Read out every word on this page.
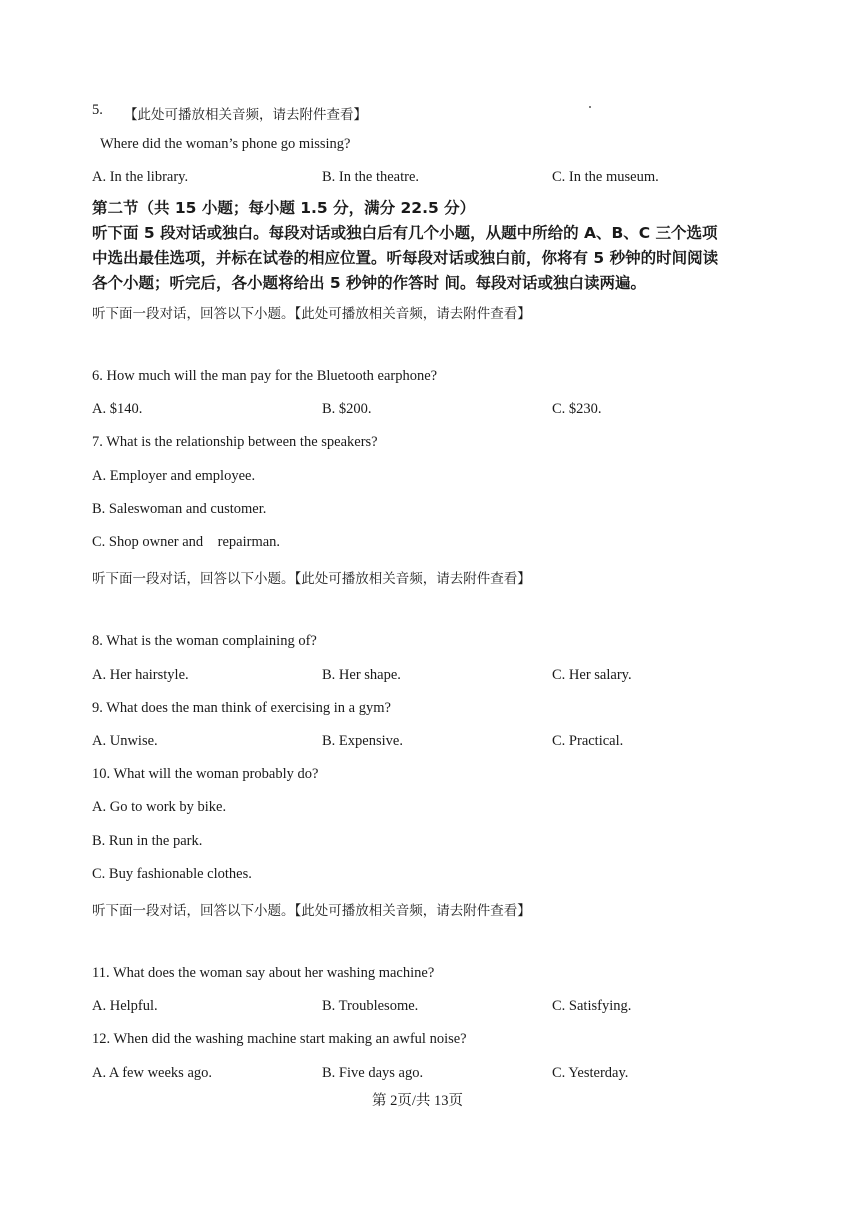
5. 【此处可播放相关音频，请去附件查看】
Where did the woman’s phone go missing?
A. In the library.	B. In the theatre.	C. In the museum.
第二节（共 15 小题；每小题 1.5 分，满分 22.5 分）
听下面 5 段对话或独白。每段对话或独白后有几个小题，从题中所给的 A、B、C 三个选项
中选出最佳选项，并标在试卷的相应位置。听每段对话或独白前，你将有 5 秒钟的时间阅读
各个小题；听完后，各小题将给出 5 秒钟的作答时 间。每段对话或独白读两遍。
听下面一段对话，回答以下小题。【此处可播放相关音频，请去附件查看】
6. How much will the man pay for the Bluetooth earphone?
A. $140.	B. $200.	C. $230.
7. What is the relationship between the speakers?
A. Employer and employee.
B. Saleswoman and customer.
C. Shop owner and    repairman.
听下面一段对话，回答以下小题。【此处可播放相关音频，请去附件查看】
8. What is the woman complaining of?
A. Her hairstyle.	B. Her shape.	C. Her salary.
9. What does the man think of exercising in a gym?
A. Unwise.	B. Expensive.	C. Practical.
10. What will the woman probably do?
A. Go to work by bike.
B. Run in the park.
C. Buy fashionable clothes.
听下面一段对话，回答以下小题。【此处可播放相关音频，请去附件查看】
11. What does the woman say about her washing machine?
A. Helpful.	B. Troublesome.	C. Satisfying.
12. When did the washing machine start making an awful noise?
A. A few weeks ago.	B. Five days ago.	C. Yesterday.
第 2页/共 13页
